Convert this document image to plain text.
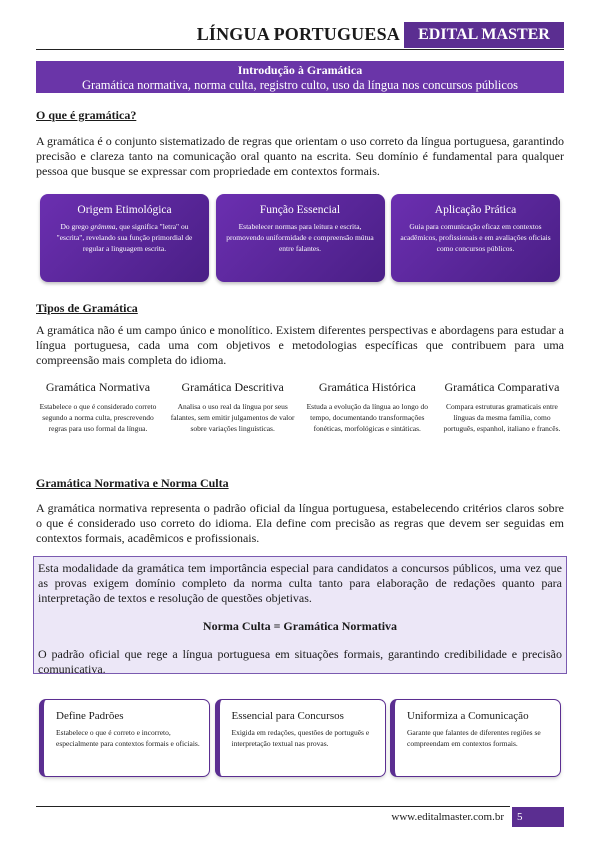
LÍNGUA PORTUGUESA	EDITAL MASTER
Introdução à Gramática
Gramática normativa, norma culta, registro culto, uso da língua nos concursos públicos
O que é gramática?
A gramática é o conjunto sistematizado de regras que orientam o uso correto da língua portuguesa, garantindo precisão e clareza tanto na comunicação oral quanto na escrita. Seu domínio é fundamental para qualquer pessoa que busque se expressar com propriedade em contextos formais.
Origem Etimológica
Do grego grámma, que significa "letra" ou "escrita", revelando sua função primordial de regular a linguagem escrita.
Função Essencial
Estabelecer normas para leitura e escrita, promovendo uniformidade e compreensão mútua entre falantes.
Aplicação Prática
Guia para comunicação eficaz em contextos acadêmicos, profissionais e em avaliações oficiais como concursos públicos.
Tipos de Gramática
A gramática não é um campo único e monolítico. Existem diferentes perspectivas e abordagens para estudar a língua portuguesa, cada uma com objetivos e metodologias específicas que contribuem para uma compreensão mais completa do idioma.
Gramática Normativa
Estabelece o que é considerado correto segundo a norma culta, prescrevendo regras para uso formal da língua.
Gramática Descritiva
Analisa o uso real da língua por seus falantes, sem emitir julgamentos de valor sobre variações linguísticas.
Gramática Histórica
Estuda a evolução da língua ao longo do tempo, documentando transformações fonéticas, morfológicas e sintáticas.
Gramática Comparativa
Compara estruturas gramaticais entre línguas da mesma família, como português, espanhol, italiano e francês.
Gramática Normativa e Norma Culta
A gramática normativa representa o padrão oficial da língua portuguesa, estabelecendo critérios claros sobre o que é considerado uso correto do idioma. Ela define com precisão as regras que devem ser seguidas em contextos formais, acadêmicos e profissionais.
Esta modalidade da gramática tem importância especial para candidatos a concursos públicos, uma vez que as provas exigem domínio completo da norma culta tanto para elaboração de redações quanto para interpretação de textos e resolução de questões objetivas.
Norma Culta = Gramática Normativa
O padrão oficial que rege a língua portuguesa em situações formais, garantindo credibilidade e precisão comunicativa.
Define Padrões
Estabelece o que é correto e incorreto, especialmente para contextos formais e oficiais.
Essencial para Concursos
Exigida em redações, questões de português e interpretação textual nas provas.
Uniformiza a Comunicação
Garante que falantes de diferentes regiões se compreendam em contextos formais.
www.editalmaster.com.br	5
